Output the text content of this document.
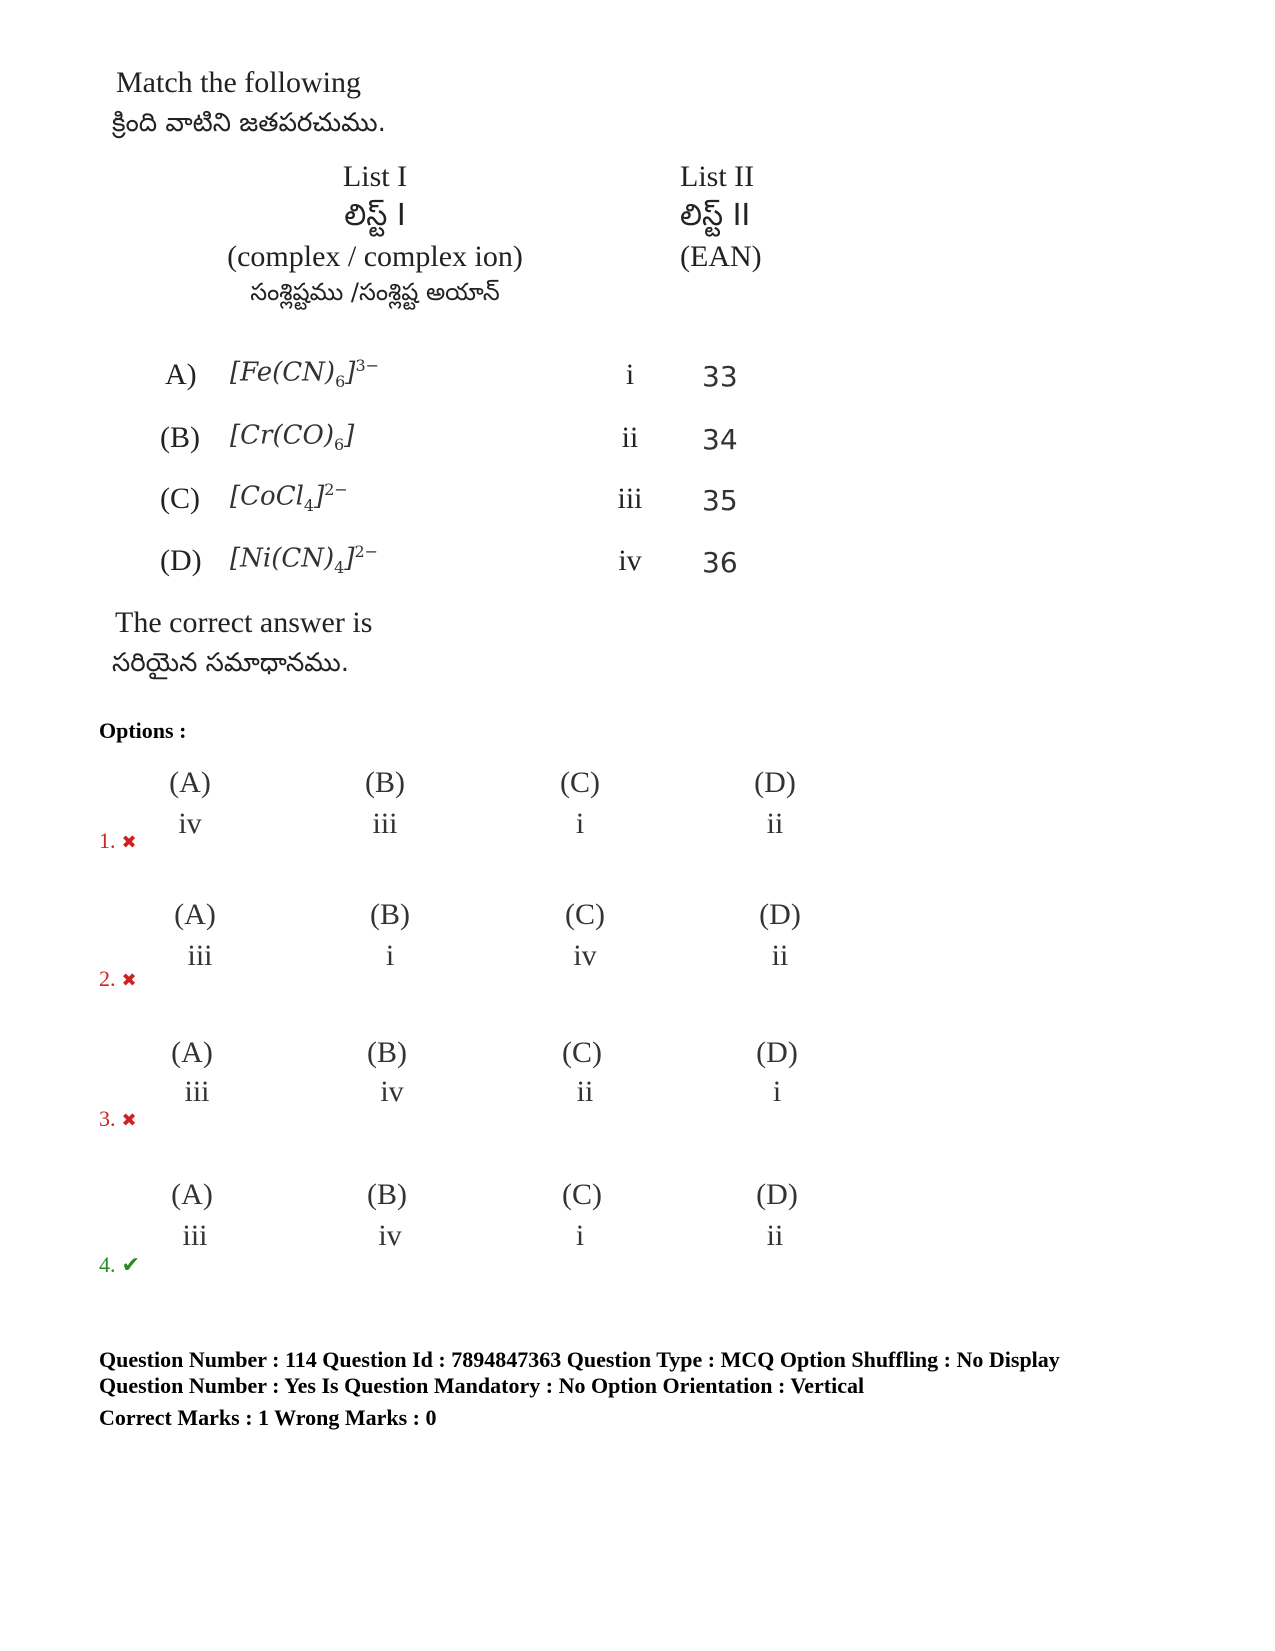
Match the following
క్రింది వాటిని జతపరచుము.
List I
లిస్ట్ I
(complex / complex ion)
సంశ్లిష్టము /సంశ్లిష్ట అయాన్
List II
లిస్ట్ II
(EAN)
A) $[Fe(CN)_6]^{3-}$	i	33
(B) $[Cr(CO)_6]$	ii	34
(C) [CoCl$_4$]$^{2-}$	iii	35
(D) $[Ni(CN)_4]^{2-}$	iv	36
The correct answer is
సరియైన సమాధానము.
Options :
(A)	(B)	(C)	(D)
iv	iii	i	ii
1. ✖
(A)	(B)	(C)	(D)
iii	i	iv	ii
2. ✖
(A)	(B)	(C)	(D)
iii	iv	ii	i
3. ✖
(A)	(B)	(C)	(D)
iii	iv	i	ii
4. ✔
Question Number : 114 Question Id : 7894847363 Question Type : MCQ Option Shuffling : No Display
Question Number : Yes Is Question Mandatory : No Option Orientation : Vertical
Correct Marks : 1 Wrong Marks : 0
